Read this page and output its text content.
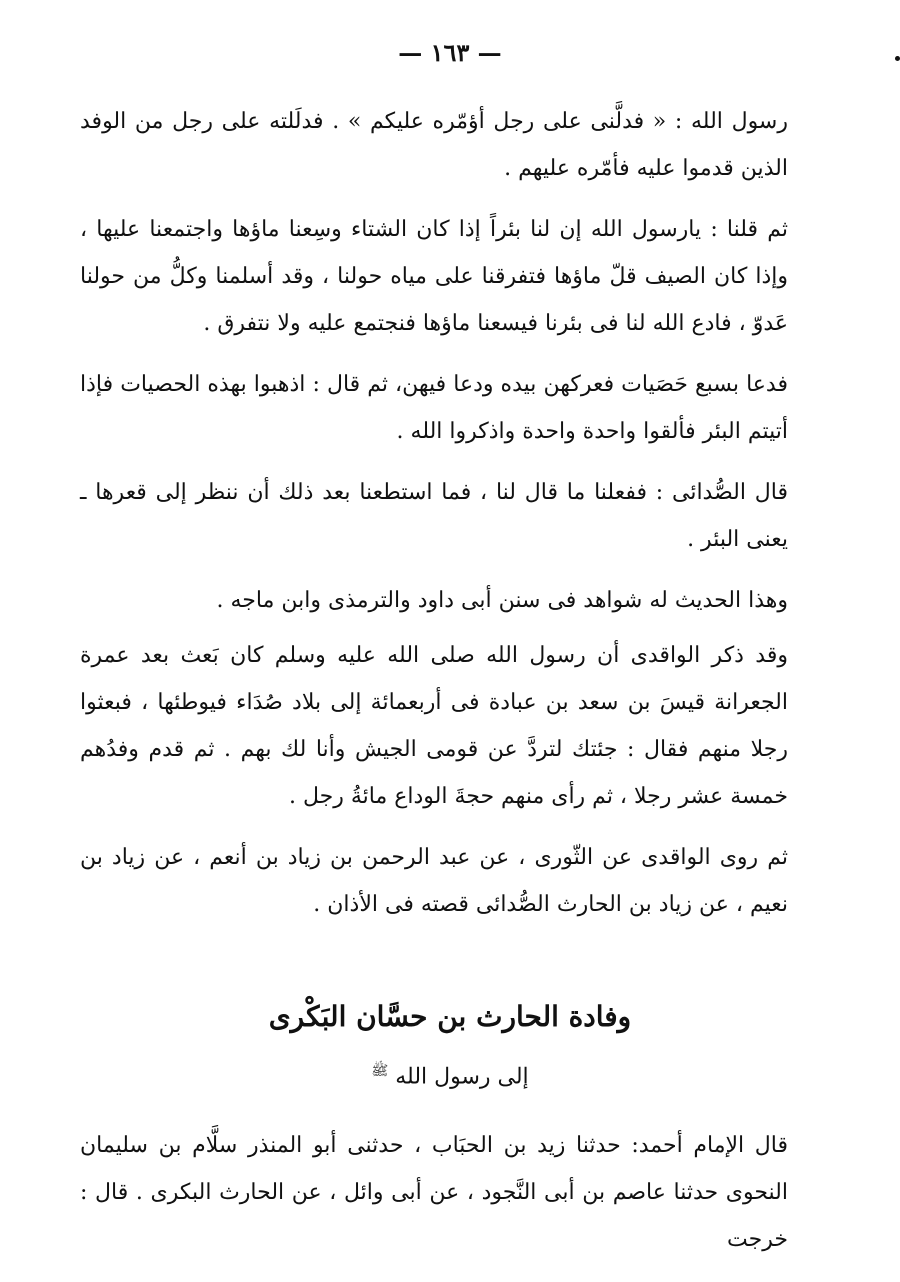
— ١٦٣ —

رسول الله : « فدلَّنى على رجل أؤمّره عليكم » . فدلَلته على رجل من الوفد الذين قدموا عليه فأمّره عليهم .

ثم قلنا : يارسول الله إن لنا بئراً إذا كان الشتاء وسِعنا ماؤها واجتمعنا عليها ، وإذا كان الصيف قلّ ماؤها فتفرقنا على مياه حولنا ، وقد أسلمنا وكلُّ من حولنا عَدوّ ، فادع الله لنا فى بئرنا فيسعنا ماؤها فنجتمع عليه ولا نتفرق .

فدعا بسبع حَصَيات فعركهن بيده ودعا فيهن، ثم قال : اذهبوا بهذه الحصيات فإذا أتيتم البئر فألقوا واحدة واحدة واذكروا الله .

قال الصُّدائى : ففعلنا ما قال لنا ، فما استطعنا بعد ذلك أن ننظر إلى قعرها ـ يعنى البئر .

وهذا الحديث له شواهد فى سنن أبى داود والترمذى وابن ماجه .

وقد ذكر الواقدى أن رسول الله صلى الله عليه وسلم كان بَعث بعد عمرة الجعرانة قيسَ بن سعد بن عبادة فى أربعمائة إلى بلاد صُدَاء فيوطئها ، فبعثوا رجلا منهم فقال : جئتك لتردَّ عن قومى الجيش وأنا لك بهم . ثم قدم وفدُهم خمسة عشر رجلا ، ثم رأى منهم حجةَ الوداع مائةُ رجل .

ثم روى الواقدى عن الثّورى ، عن عبد الرحمن بن زياد بن أنعم ، عن زياد بن نعيم ، عن زياد بن الحارث الصُّدائى قصته فى الأذان .

وفادة الحارث بن حسَّان البَكْرى
إلى رسول الله $^ﷺ$

قال الإمام أحمد: حدثنا زيد بن الحبَاب ، حدثنى أبو المنذر سلَّام بن سليمان النحوى حدثنا عاصم بن أبى النَّجود ، عن أبى وائل ، عن الحارث البكرى . قال : خرجت
